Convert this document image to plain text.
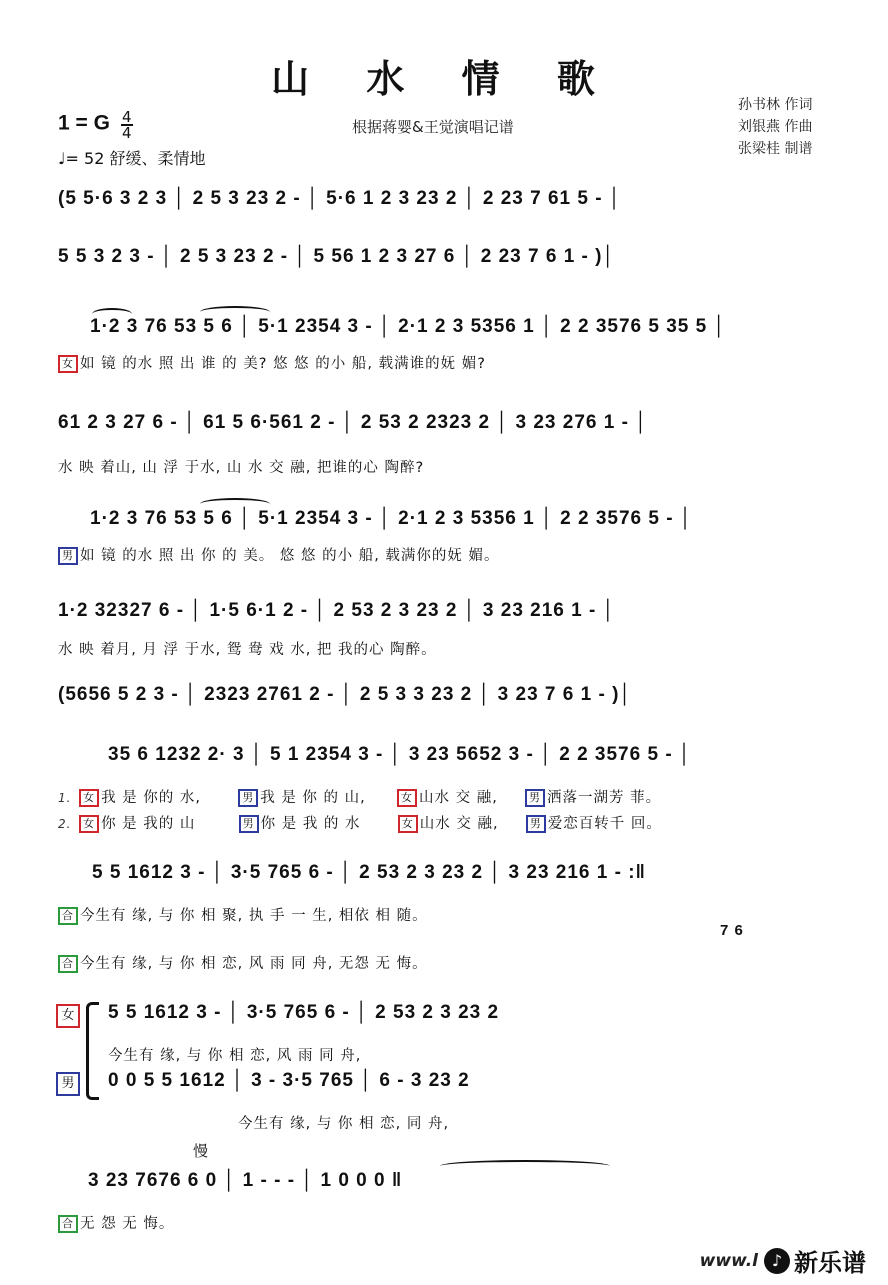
山 水 情 歌
1 = G $\frac{4}{4}$
♩= 52 舒缓、柔情地
根据蒋婴&王觉演唱记谱
孙书林 作词
刘银燕 作曲
张梁桂 制谱
(5 5·6 3 2 3 │ 2 5 3 23 2 - │ 5·6 1 2 3 23 2 │ 2 23 7 61 5 - │
5 5 3 2 3 - │ 2 5 3 23 2 - │ 5 56 1 2 3 27 6 │ 2 23 7 6 1 - )│
1·2 3 76 53 5 6 │ 5·1 2354 3 - │ 2·1 2 3 5356 1 │ 2 2 3576 5 35 5 │
女 如 镜 的水 照 出 谁 的 美? 悠 悠 的小 船, 载满谁的妩 媚?
61 2 3 27 6 - │ 61 5 6·561 2 - │ 2 53 2 2323 2 │ 3 23 276 1 - │
水 映 着山, 山 浮 于水, 山 水 交 融, 把谁的心 陶醉?
1·2 3 76 53 5 6 │ 5·1 2354 3 - │ 2·1 2 3 5356 1 │ 2 2 3576 5 - │
男 如 镜 的水 照 出 你 的 美。 悠 悠 的小 船, 载满你的妩 媚。
1·2 32327 6 - │ 1·5 6·1 2 - │ 2 53 2 3 23 2 │ 3 23 216 1 - │
水 映 着月, 月 浮 于水, 鸳 鸯 戏 水, 把 我的心 陶醉。
(5656 5 2 3 - │ 2323 2761 2 - │ 2 5 3 3 23 2 │ 3 23 7 6 1 - )│
35 6 1232 2· 3 │ 5 1 2354 3 - │ 3 23 5652 3 - │ 2 2 3576 5 - │
1. 女 我 是 你的 水,	男 我 是 你 的 山,	女 山水 交 融,	男 洒落一湖芳 菲。
2. 女 你 是 我的 山	男 你 是 我 的 水	女 山水 交 融,	男 爱恋百转千 回。
5 5 1612 3 - │ 3·5 765 6 - │ 2 53 2 3 23 2 │ 3 23 216 1 - :‖
合 今生有 缘, 与 你 相 聚, 执 手 一 生, 相依 相 随。
7 6
合 今生有 缘, 与 你 相 恋, 风 雨 同 舟, 无怨 无 悔。
女 5 5 1612 3 - │ 3·5 765 6 - │ 2 53 2 3 23 2
今生有 缘, 与 你 相 恋, 风 雨 同 舟,
男 0 0 5 5 1612 │ 3 - 3·5 765 │ 6 - 3 23 2
今生有 缘, 与 你 相 恋, 同 舟,
慢
3 23 7676 6 0 │ 1 - - - │ 1 0 0 0 ‖
合 无 怨 无 悔。
www.l ♪ 新乐谱
